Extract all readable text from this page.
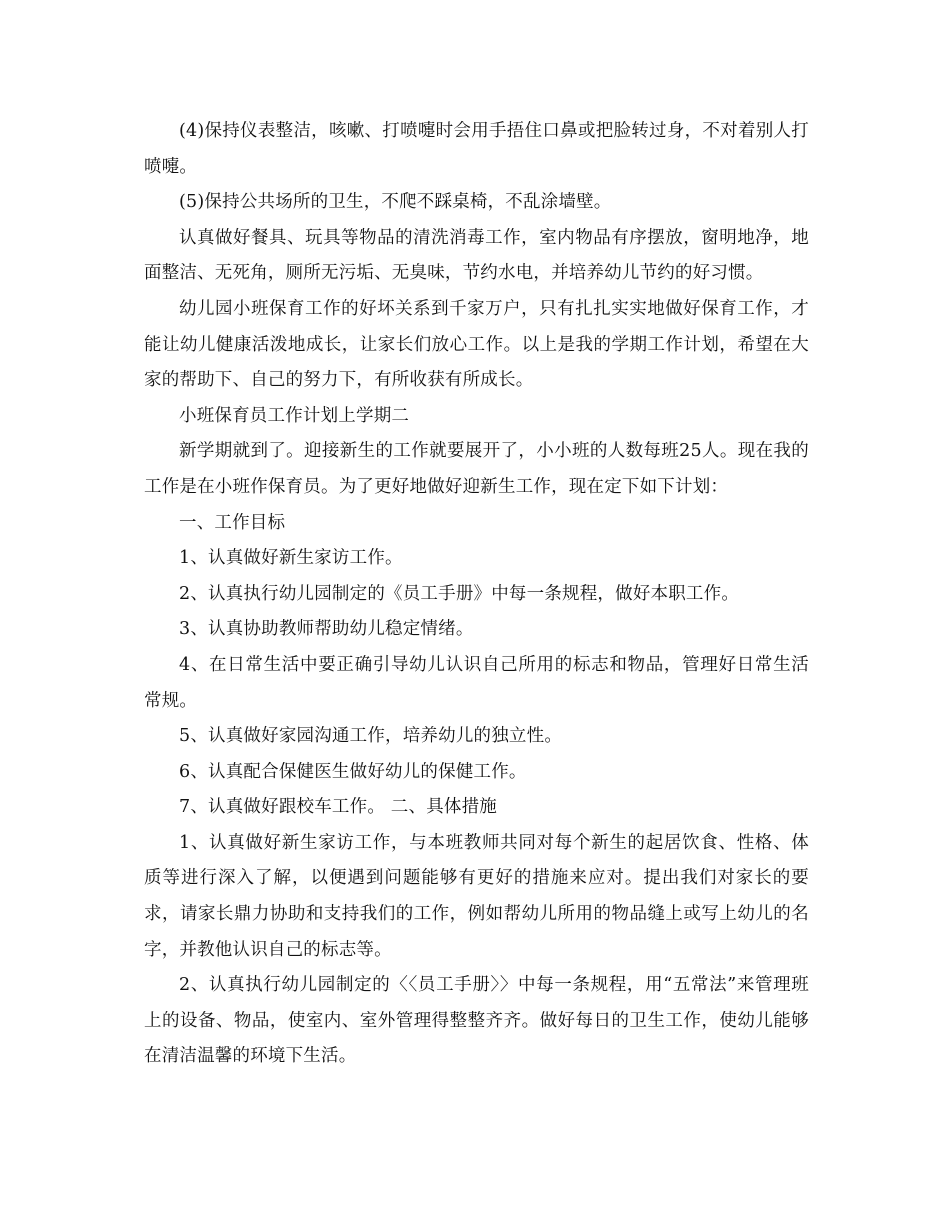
(4)保持仪表整洁，咳嗽、打喷嚏时会用手捂住口鼻或把脸转过身，不对着别人打喷嚏。

(5)保持公共场所的卫生，不爬不踩桌椅，不乱涂墙壁。

认真做好餐具、玩具等物品的清洗消毒工作，室内物品有序摆放，窗明地净，地面整洁、无死角，厕所无污垢、无臭味，节约水电，并培养幼儿节约的好习惯。

幼儿园小班保育工作的好坏关系到千家万户，只有扎扎实实地做好保育工作，才能让幼儿健康活泼地成长，让家长们放心工作。以上是我的学期工作计划，希望在大家的帮助下、自己的努力下，有所收获有所成长。

小班保育员工作计划上学期二

新学期就到了。迎接新生的工作就要展开了，小小班的人数每班25人。现在我的工作是在小班作保育员。为了更好地做好迎新生工作，现在定下如下计划：

一、工作目标

1、认真做好新生家访工作。

2、认真执行幼儿园制定的《员工手册》中每一条规程，做好本职工作。

3、认真协助教师帮助幼儿稳定情绪。

4、在日常生活中要正确引导幼儿认识自己所用的标志和物品，管理好日常生活常规。

5、认真做好家园沟通工作，培养幼儿的独立性。

6、认真配合保健医生做好幼儿的保健工作。

7、认真做好跟校车工作。 二、具体措施

1、认真做好新生家访工作，与本班教师共同对每个新生的起居饮食、性格、体质等进行深入了解，以便遇到问题能够有更好的措施来应对。提出我们对家长的要求，请家长鼎力协助和支持我们的工作，例如帮幼儿所用的物品缝上或写上幼儿的名字，并教他认识自己的标志等。

2、认真执行幼儿园制定的〈〈员工手册〉〉中每一条规程，用“五常法”来管理班上的设备、物品，使室内、室外管理得整整齐齐。做好每日的卫生工作，使幼儿能够在清洁温馨的环境下生活。
